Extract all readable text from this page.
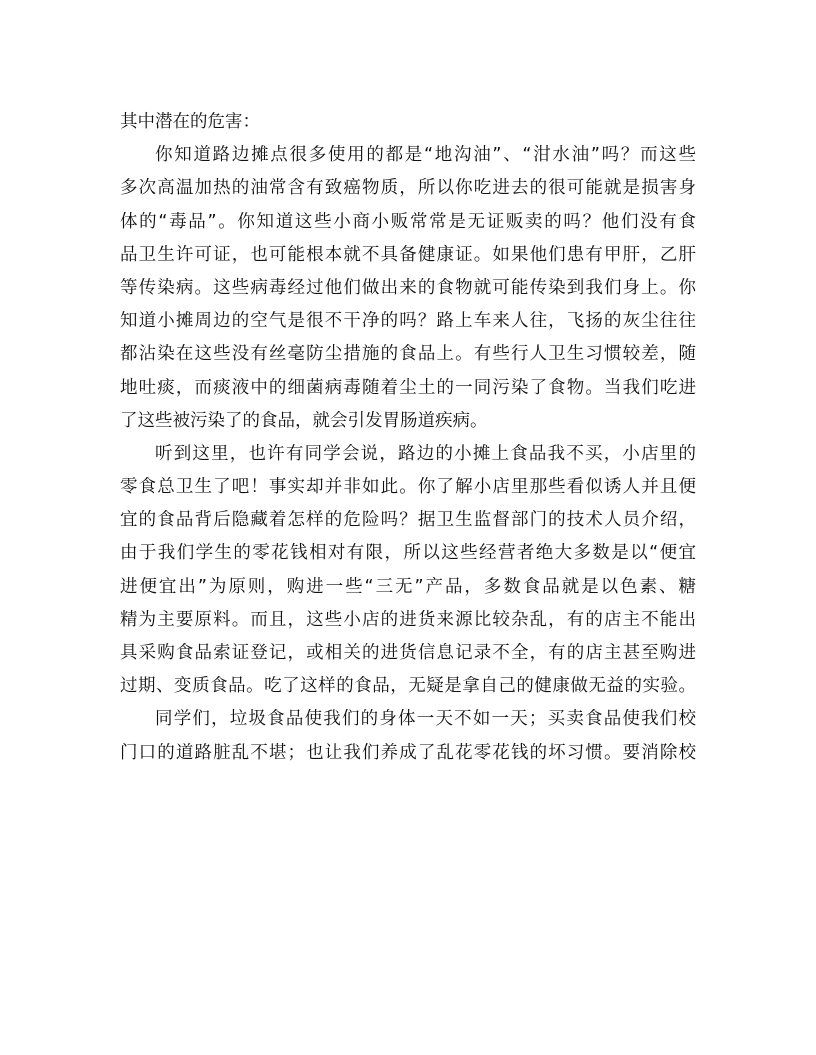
其中潜在的危害：
你知道路边摊点很多使用的都是“地沟油”、“泔水油”吗？而这些
多次高温加热的油常含有致癌物质，所以你吃进去的很可能就是损害身
体的“毒品”。你知道这些小商小贩常常是无证贩卖的吗？他们没有食
品卫生许可证，也可能根本就不具备健康证。如果他们患有甲肝，乙肝
等传染病。这些病毒经过他们做出来的食物就可能传染到我们身上。你
知道小摊周边的空气是很不干净的吗？路上车来人往，飞扬的灰尘往往
都沾染在这些没有丝毫防尘措施的食品上。有些行人卫生习惯较差，随
地吐痰，而痰液中的细菌病毒随着尘土的一同污染了食物。当我们吃进
了这些被污染了的食品，就会引发胃肠道疾病。
听到这里，也许有同学会说，路边的小摊上食品我不买，小店里的
零食总卫生了吧！事实却并非如此。你了解小店里那些看似诱人并且便
宜的食品背后隐藏着怎样的危险吗？据卫生监督部门的技术人员介绍，
由于我们学生的零花钱相对有限，所以这些经营者绝大多数是以“便宜
进便宜出”为原则，购进一些“三无”产品，多数食品就是以色素、糖
精为主要原料。而且，这些小店的进货来源比较杂乱，有的店主不能出
具采购食品索证登记，或相关的进货信息记录不全，有的店主甚至购进
过期、变质食品。吃了这样的食品，无疑是拿自己的健康做无益的实验。
同学们，垃圾食品使我们的身体一天不如一天；买卖食品使我们校
门口的道路脏乱不堪；也让我们养成了乱花零花钱的坏习惯。要消除校
